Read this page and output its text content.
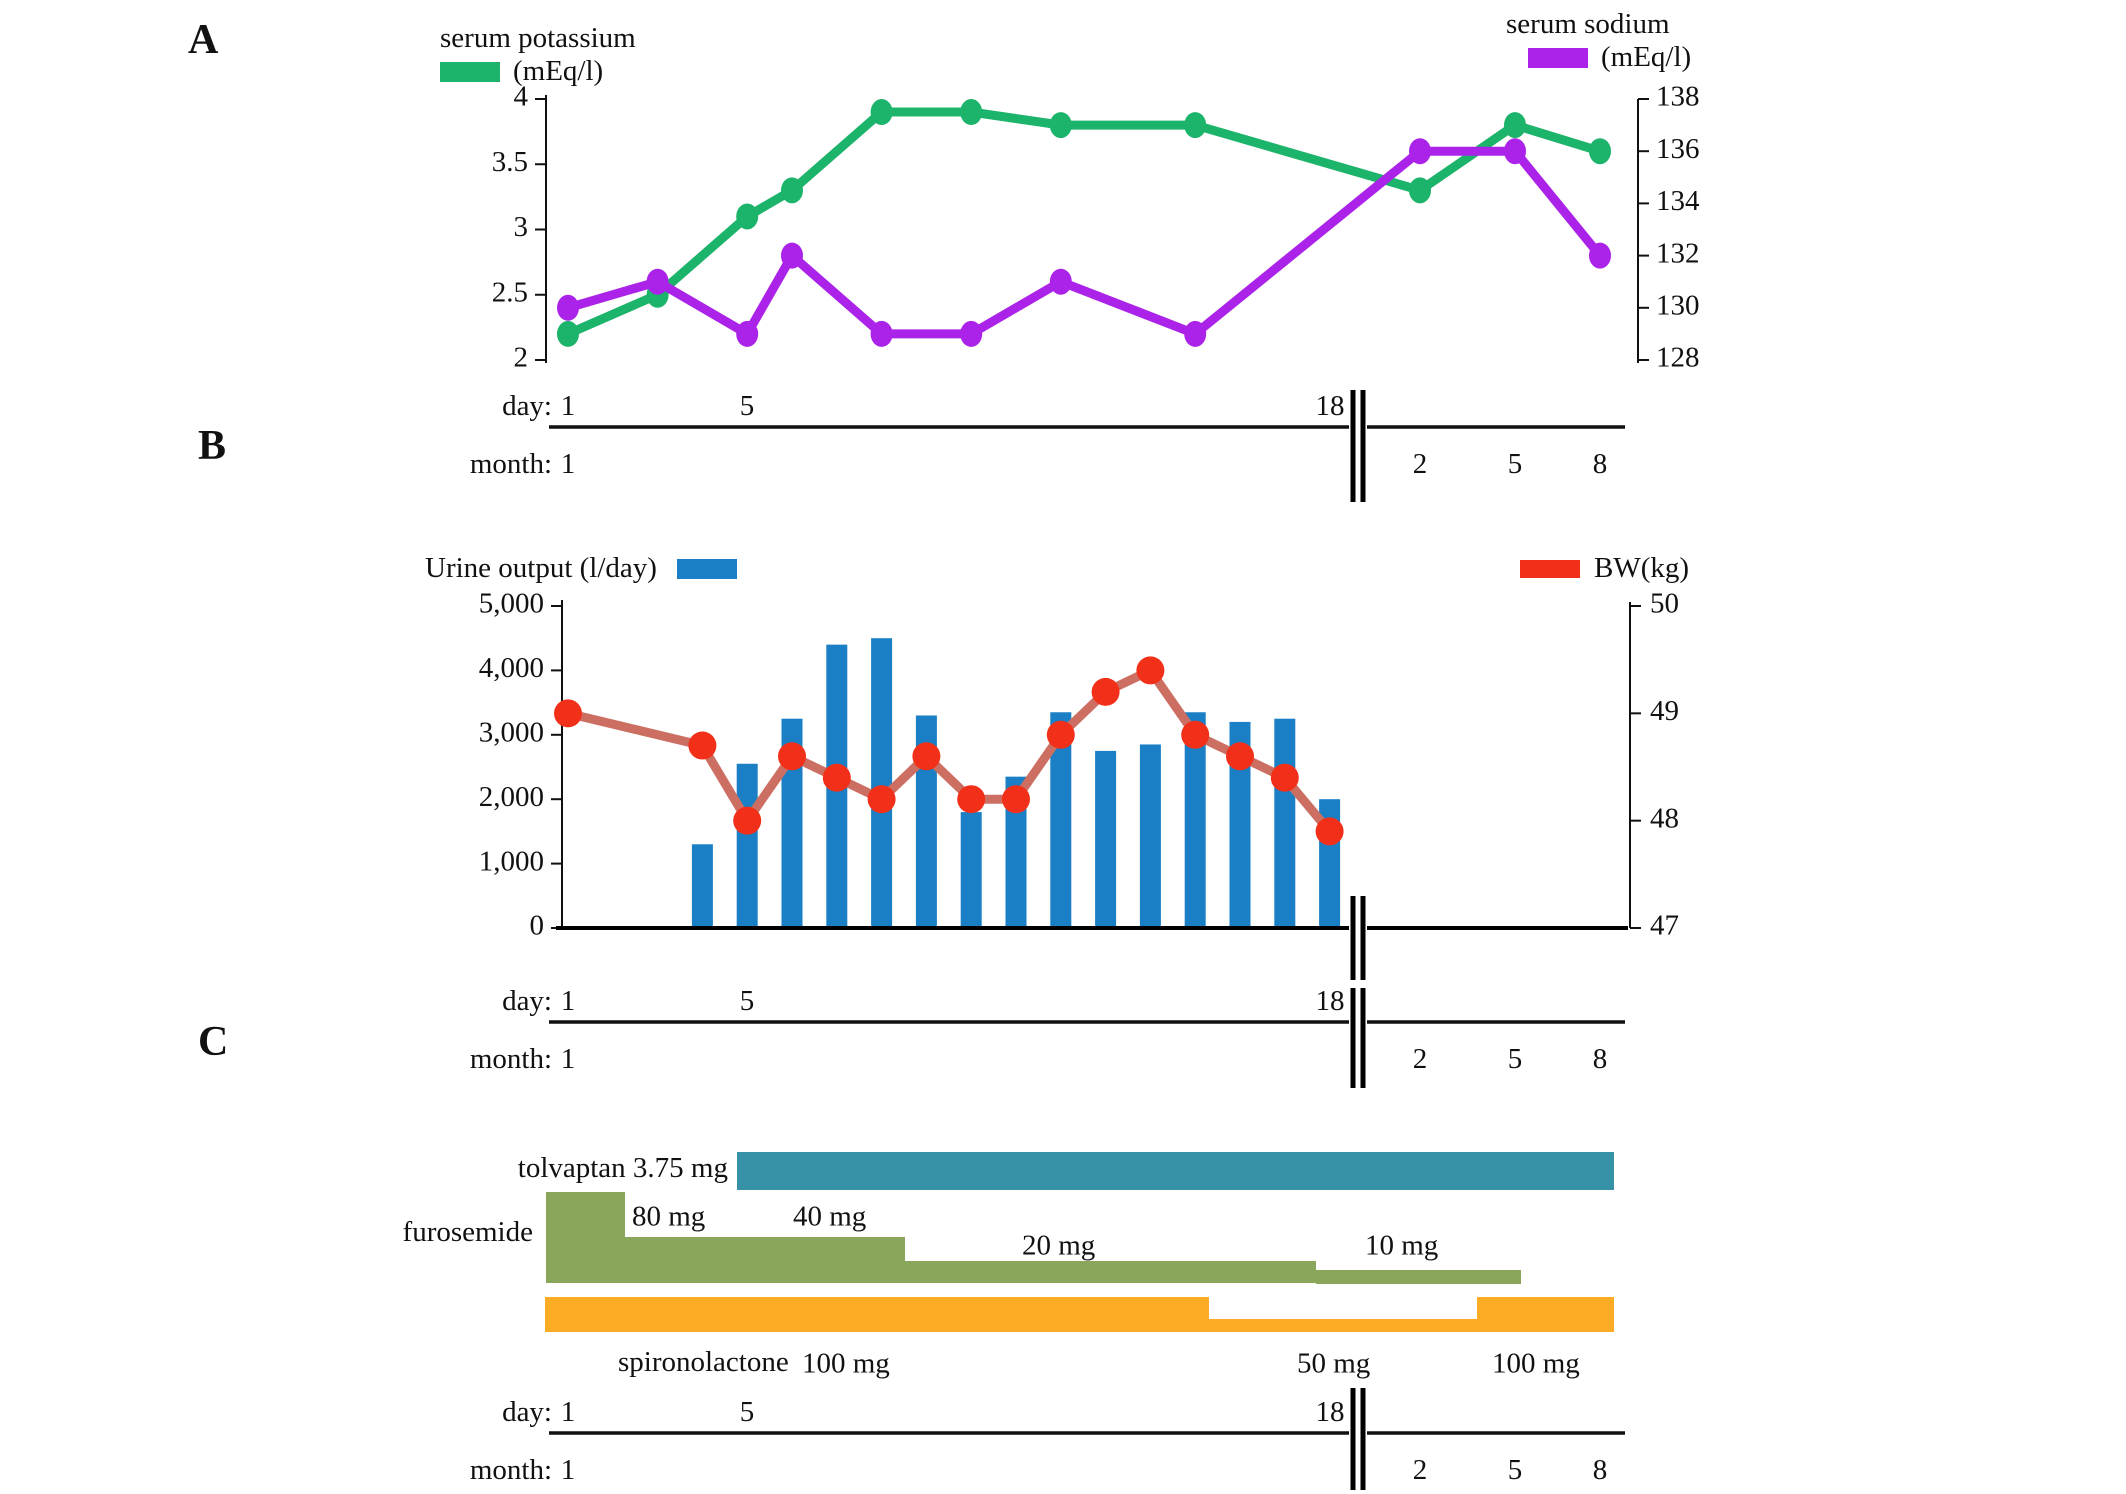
A
B
C
serum potassium
(mEq/l)
serum sodium
(mEq/l)
Urine output (l/day)	BW(kg)
tolvaptan 3.75 mg
furosemide
spironolactone
4
3.5
3
2.5
2
138
136
134
132
130
128
day:
month:
1	5	18
1	2	5 8
5,000
4,000
3,000
2,000
1,000
0
50
49
48
47
day:
month:
1	5	18
1	2	5 8
80 mg	40 mg
20 mg	10 mg
100 mg	50 mg	100 mg
day:
month:
1	5	18
1	2	5 8
